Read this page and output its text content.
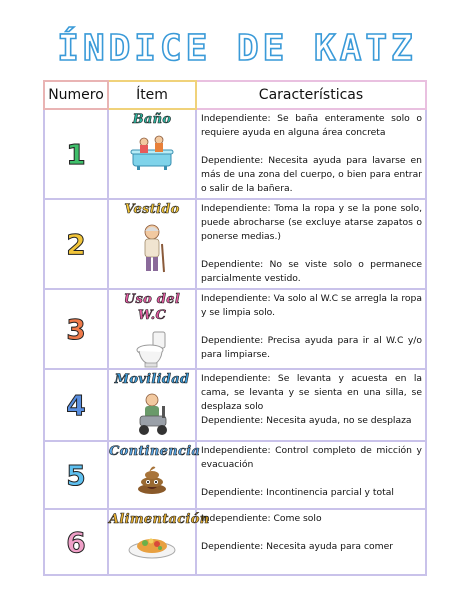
ÍNDICE DE KATZ
Numero	Ítem	Características
1	Baño	Independiente: Se baña enteramente solo o requiere ayuda en alguna área concreta

Dependiente: Necesita ayuda para lavarse en más de una zona del cuerpo, o bien para entrar o salir de la bañera.

2	Vestido	Independiente: Toma la ropa y se la pone solo, puede abrocharse (se excluye atarse zapatos o ponerse medias.)

Dependiente: No se viste solo o permanece parcialmente vestido.

3	Uso del W.C	Independiente: Va solo al W.C se arregla la ropa y se limpia solo.

Dependiente: Precisa ayuda para ir al W.C y/o para limpiarse.

4	Movilidad	Independiente: Se levanta y acuesta en la cama, se levanta y se sienta en una silla, se desplaza solo

Dependiente: Necesita ayuda, no se desplaza

5	Continencia	Independiente: Control completo de micción y evacuación

Dependiente: Incontinencia parcial y total

6	Alimentación	Independiente: Come solo

Dependiente: Necesita ayuda para comer
